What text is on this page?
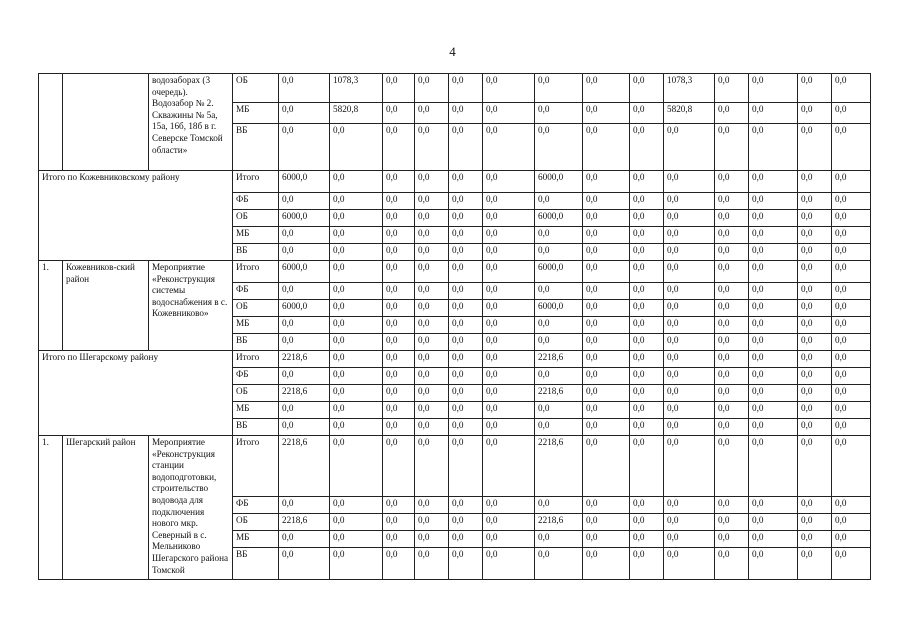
4
		водозаборах (3 очередь). Водозабор № 2. Скважины № 5а, 15а, 16б, 18б в г. Северске Томской области»	ОБ	0,0	1078,3	0,0	0,0	0,0	0,0	0,0	0,0	0,0	1078,3	0,0	0,0	0,0	0,0
			МБ	0,0	5820,8	0,0	0,0	0,0	0,0	0,0	0,0	0,0	5820,8	0,0	0,0	0,0	0,0
			ВБ	0,0	0,0	0,0	0,0	0,0	0,0	0,0	0,0	0,0	0,0	0,0	0,0	0,0	0,0
Итого по Кожевниковскому району			Итого	6000,0	0,0	0,0	0,0	0,0	0,0	6000,0	0,0	0,0	0,0	0,0	0,0	0,0	0,0
			ФБ	0,0	0,0	0,0	0,0	0,0	0,0	0,0	0,0	0,0	0,0	0,0	0,0	0,0	0,0
			ОБ	6000,0	0,0	0,0	0,0	0,0	0,0	6000,0	0,0	0,0	0,0	0,0	0,0	0,0	0,0
			МБ	0,0	0,0	0,0	0,0	0,0	0,0	0,0	0,0	0,0	0,0	0,0	0,0	0,0	0,0
			ВБ	0,0	0,0	0,0	0,0	0,0	0,0	0,0	0,0	0,0	0,0	0,0	0,0	0,0	0,0
1.	Кожевников-ский район	Мероприятие «Реконструкция системы водоснабжения в с. Кожевниково»	Итого	6000,0	0,0	0,0	0,0	0,0	0,0	6000,0	0,0	0,0	0,0	0,0	0,0	0,0	0,0
			ФБ	0,0	0,0	0,0	0,0	0,0	0,0	0,0	0,0	0,0	0,0	0,0	0,0	0,0	0,0
			ОБ	6000,0	0,0	0,0	0,0	0,0	0,0	6000,0	0,0	0,0	0,0	0,0	0,0	0,0	0,0
			МБ	0,0	0,0	0,0	0,0	0,0	0,0	0,0	0,0	0,0	0,0	0,0	0,0	0,0	0,0
			ВБ	0,0	0,0	0,0	0,0	0,0	0,0	0,0	0,0	0,0	0,0	0,0	0,0	0,0	0,0
Итого по Шегарскому району			Итого	2218,6	0,0	0,0	0,0	0,0	0,0	2218,6	0,0	0,0	0,0	0,0	0,0	0,0	0,0
			ФБ	0,0	0,0	0,0	0,0	0,0	0,0	0,0	0,0	0,0	0,0	0,0	0,0	0,0	0,0
			ОБ	2218,6	0,0	0,0	0,0	0,0	0,0	2218,6	0,0	0,0	0,0	0,0	0,0	0,0	0,0
			МБ	0,0	0,0	0,0	0,0	0,0	0,0	0,0	0,0	0,0	0,0	0,0	0,0	0,0	0,0
			ВБ	0,0	0,0	0,0	0,0	0,0	0,0	0,0	0,0	0,0	0,0	0,0	0,0	0,0	0,0
1.	Шегарский район	Мероприятие «Реконструкция станции водоподготовки, строительство водовода для подключения нового мкр. Северный в с. Мельниково Шегарского района Томской	Итого	2218,6	0,0	0,0	0,0	0,0	0,0	2218,6	0,0	0,0	0,0	0,0	0,0	0,0	0,0
			ФБ	0,0	0,0	0,0	0,0	0,0	0,0	0,0	0,0	0,0	0,0	0,0	0,0	0,0	0,0
			ОБ	2218,6	0,0	0,0	0,0	0,0	0,0	2218,6	0,0	0,0	0,0	0,0	0,0	0,0	0,0
			МБ	0,0	0,0	0,0	0,0	0,0	0,0	0,0	0,0	0,0	0,0	0,0	0,0	0,0	0,0
			ВБ	0,0	0,0	0,0	0,0	0,0	0,0	0,0	0,0	0,0	0,0	0,0	0,0	0,0	0,0
